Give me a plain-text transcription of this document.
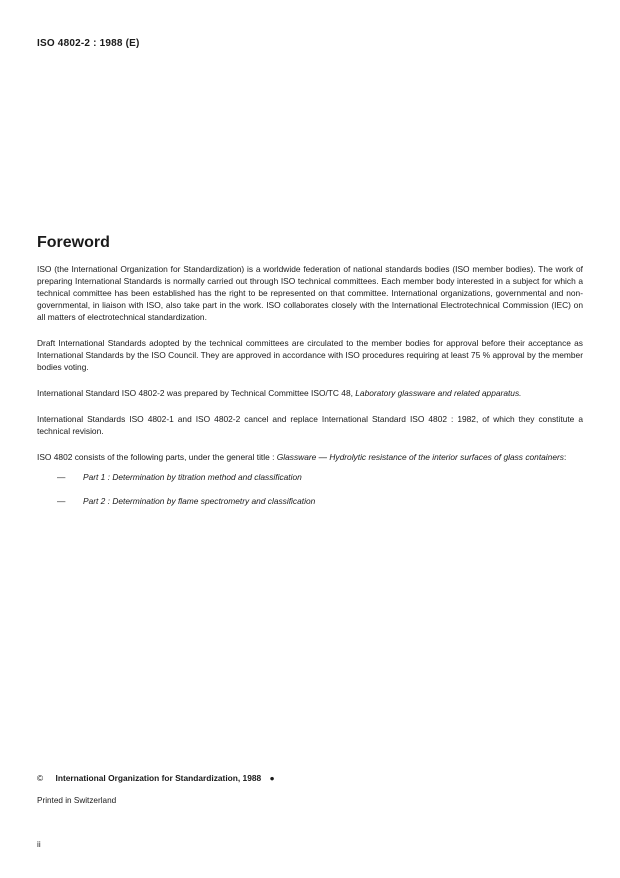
ISO 4802-2 : 1988 (E)
Foreword

ISO (the International Organization for Standardization) is a worldwide federation of national standards bodies (ISO member bodies). The work of preparing International Standards is normally carried out through ISO technical committees. Each member body interested in a subject for which a technical committee has been established has the right to be represented on that committee. International organizations, governmental and non-governmental, in liaison with ISO, also take part in the work. ISO collaborates closely with the International Electrotechnical Commission (IEC) on all matters of electrotechnical standardization.

Draft International Standards adopted by the technical committees are circulated to the member bodies for approval before their acceptance as International Standards by the ISO Council. They are approved in accordance with ISO procedures requiring at least 75 % approval by the member bodies voting.

International Standard ISO 4802-2 was prepared by Technical Committee ISO/TC 48, Laboratory glassware and related apparatus.

International Standards ISO 4802-1 and ISO 4802-2 cancel and replace International Standard ISO 4802 : 1982, of which they constitute a technical revision.

ISO 4802 consists of the following parts, under the general title : Glassware — Hydrolytic resistance of the interior surfaces of glass containers:

— Part 1 : Determination by titration method and classification
— Part 2 : Determination by flame spectrometry and classification
© International Organization for Standardization, 1988 ●
Printed in Switzerland
ii
